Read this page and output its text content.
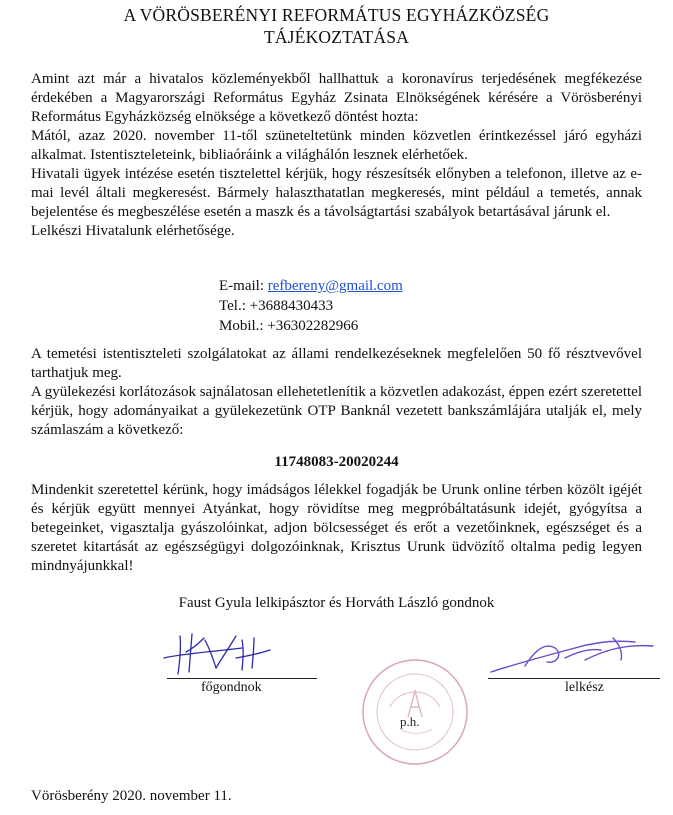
A VÖRÖSBERÉNYI REFORMÁTUS EGYHÁZKÖZSÉG
TÁJÉKOZTATÁSA
Amint azt már a hivatalos közleményekből hallhattuk a koronavírus terjedésének megfékezése érdekében a Magyarországi Református Egyház Zsinata Elnökségének kérésére a Vörösberényi Református Egyházközség elnöksége a következő döntést hozta:
Mától, azaz 2020. november 11-től szüneteltetünk minden közvetlen érintkezéssel járó egyházi alkalmat. Istentiszteleteink, bibliaóráink a világhálón lesznek elérhetőek.
Hivatali ügyek intézése esetén tisztelettel kérjük, hogy részesítsék előnyben a telefonon, illetve az e-mai levél általi megkeresést. Bármely halaszthatatlan megkeresés, mint például a temetés, annak bejelentése és megbeszélése esetén a maszk és a távolságtartási szabályok betartásával járunk el.
Lelkészi Hivatalunk elérhetősége.
E-mail: refbereny@gmail.com
Tel.: +3688430433
Mobil.: +36302282966
A temetési istentiszteleti szolgálatokat az állami rendelkezéseknek megfelelően 50 fő résztvevővel tarthatjuk meg.
A gyülekezési korlátozások sajnálatosan ellehetetlenítik a közvetlen adakozást, éppen ezért szeretettel kérjük, hogy adományaikat a gyülekezetünk OTP Banknál vezetett bankszámlájára utalják el, mely számlaszám a következő:
11748083-20020244
Mindenkit szeretettel kérünk, hogy imádságos lélekkel fogadják be Urunk online térben közölt igéjét és kérjük együtt mennyei Atyánkat, hogy rövidítse meg megpróbáltatásunk idejét, gyógyítsa a betegeinket, vigasztalja gyászolóinkat, adjon bölcsességet és erőt a vezetőinknek, egészséget és a szeretet kitartását az egészségügyi dolgozóinknak, Krisztus Urunk üdvözítő oltalma pedig legyen mindnyájunkkal!
Faust Gyula lelkipásztor és Horváth László gondnok
főgondnok	lelkész
p.h.
Vörösberény 2020. november 11.
